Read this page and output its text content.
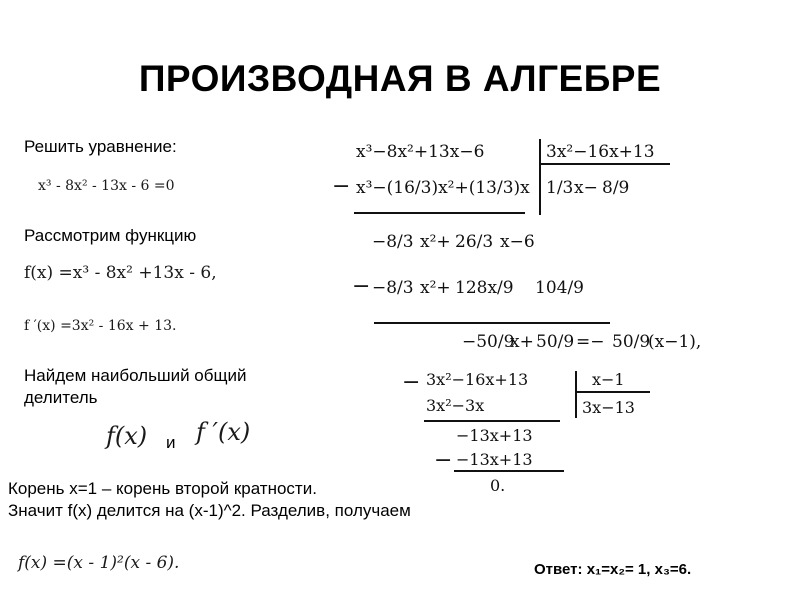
ПРОИЗВОДНАЯ В АЛГЕБРЕ
Решить уравнение:
x³ - 8x² - 13x - 6 =0
Рассмотрим функцию
f(x) =x³ - 8x² +13x - 6,
f ′(x) =3x² - 16x + 13.
Найдем наибольший общий делитель
f(x) и f ′(x)
Корень x=1 – корень второй кратности.
Значит f(x) делится на (x-1)^2. Разделив, получаем
f(x) =(x - 1)²(x - 6).	Ответ: x₁=x₂= 1, x₃=6.
x³−8x²+13x−6	3x²−16x+13
− x³−(16/3)x²+(13/3)x 1/3 x− 8/9
−8/3 x²+ 26/3 x−6
− −8/3 x²+ 128x/9 104/9
−50/9
x+ 50/9 =− 50/9
(x−1),
− 3x²−16x+13	x−1
3x²−3x	3x−13
−13x+13
− −13x+13
0.
